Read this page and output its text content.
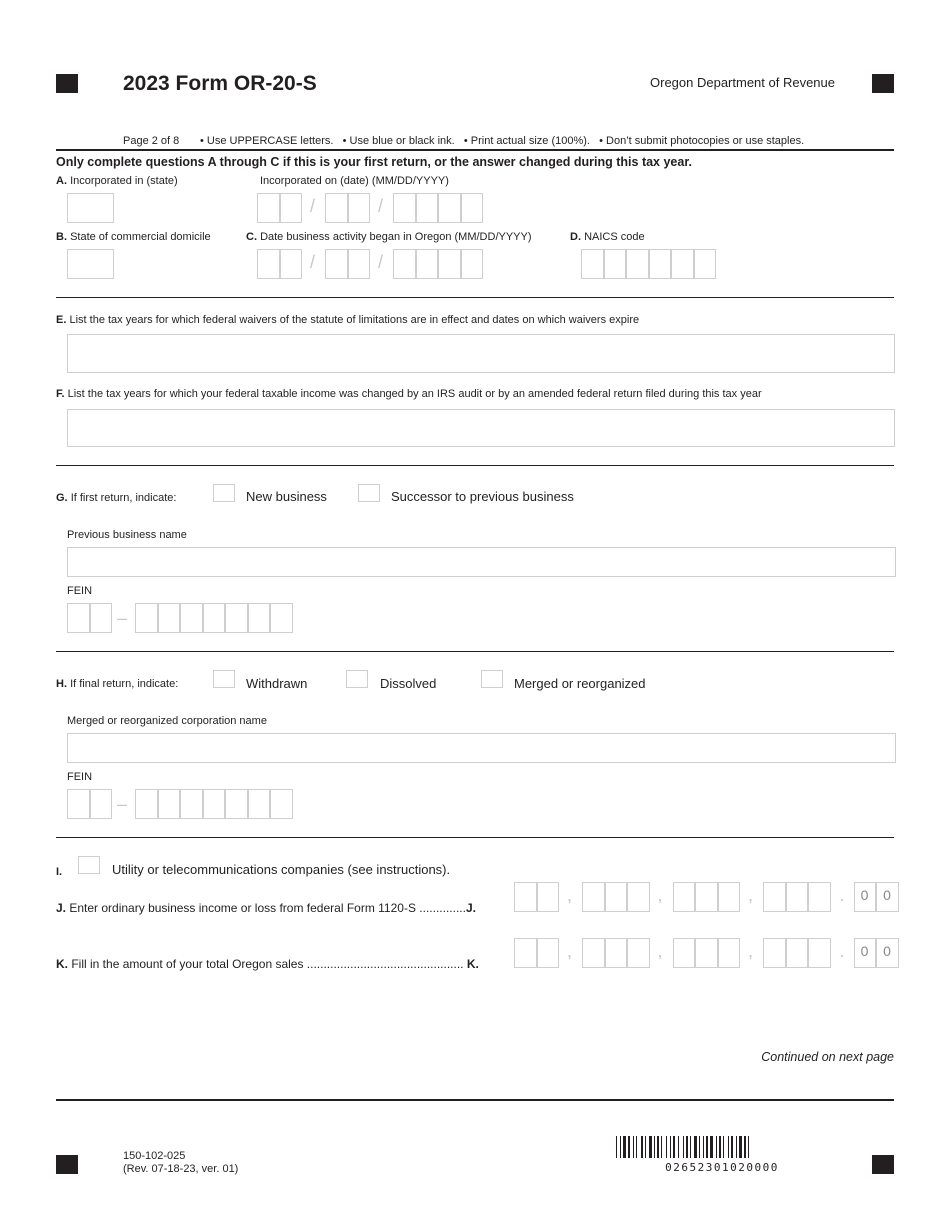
2023 Form OR-20-S	Oregon Department of Revenue
Page 2 of 8 • Use UPPERCASE letters.   • Use blue or black ink.   • Print actual size (100%).   • Don’t submit photocopies or use staples.
Only complete questions A through C if this is your first return, or the answer changed during this tax year.
A. Incorporated in (state)	Incorporated on (date) (MM/DD/YYYY)
/	/
B. State of commercial domicile	C. Date business activity began in Oregon (MM/DD/YYYY)
/	/
D. NAICS code
E. List the tax years for which federal waivers of the statute of limitations are in effect and dates on which waivers expire
F. List the tax years for which your federal taxable income was changed by an IRS audit or by an amended federal return filed during this tax year
G. If first return, indicate:	New business	Successor to previous business
Previous business name
FEIN
–
H. If final return, indicate:	Withdrawn	Dissolved	Merged or reorganized
Merged or reorganized corporation name
FEIN
–
I.	Utility or telecommunications companies (see instructions).
J. Enter ordinary business income or loss from federal Form 1120-S ..............J.
,	,	,	.	0	0
K. Fill in the amount of your total Oregon sales ............................................... K.
,	,	,	.	0	0
Continued on next page
150-102-025
(Rev. 07-18-23, ver. 01)	02652301020000
